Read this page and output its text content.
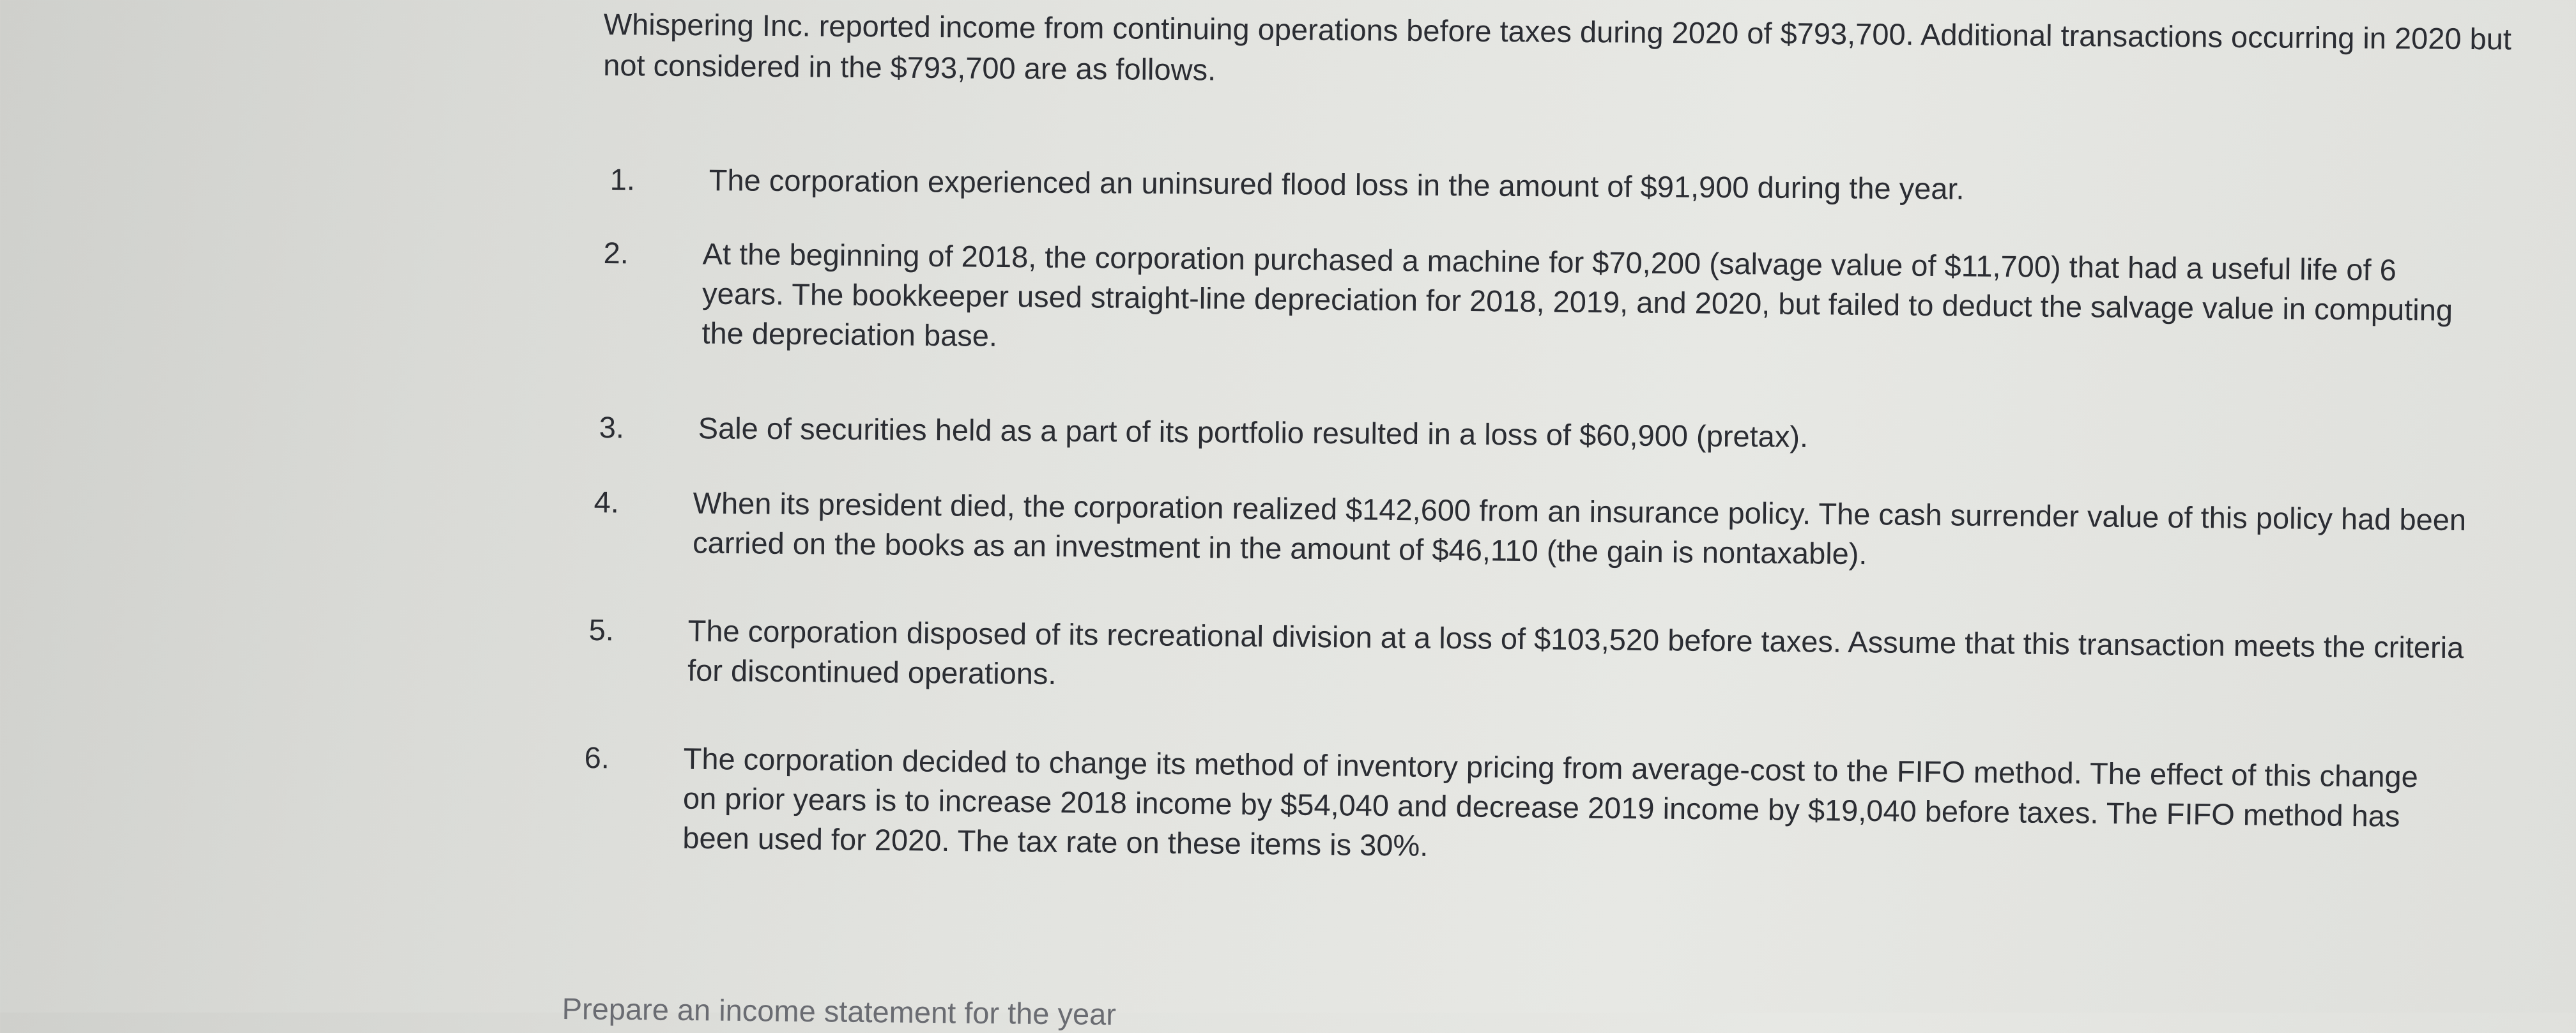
Whispering Inc. reported income from continuing operations before taxes during 2020 of $793,700. Additional transactions occurring in 2020 but not considered in the $793,700 are as follows.
1.	The corporation experienced an uninsured flood loss in the amount of $91,900 during the year.
2.	At the beginning of 2018, the corporation purchased a machine for $70,200 (salvage value of $11,700) that had a useful life of 6 years. The bookkeeper used straight-line depreciation for 2018, 2019, and 2020, but failed to deduct the salvage value in computing the depreciation base.
3.	Sale of securities held as a part of its portfolio resulted in a loss of $60,900 (pretax).
4.	When its president died, the corporation realized $142,600 from an insurance policy. The cash surrender value of this policy had been carried on the books as an investment in the amount of $46,110 (the gain is nontaxable).
5.	The corporation disposed of its recreational division at a loss of $103,520 before taxes. Assume that this transaction meets the criteria for discontinued operations.
6.	The corporation decided to change its method of inventory pricing from average-cost to the FIFO method. The effect of this change on prior years is to increase 2018 income by $54,040 and decrease 2019 income by $19,040 before taxes. The FIFO method has been used for 2020. The tax rate on these items is 30%.
Prepare an income statement for the year
